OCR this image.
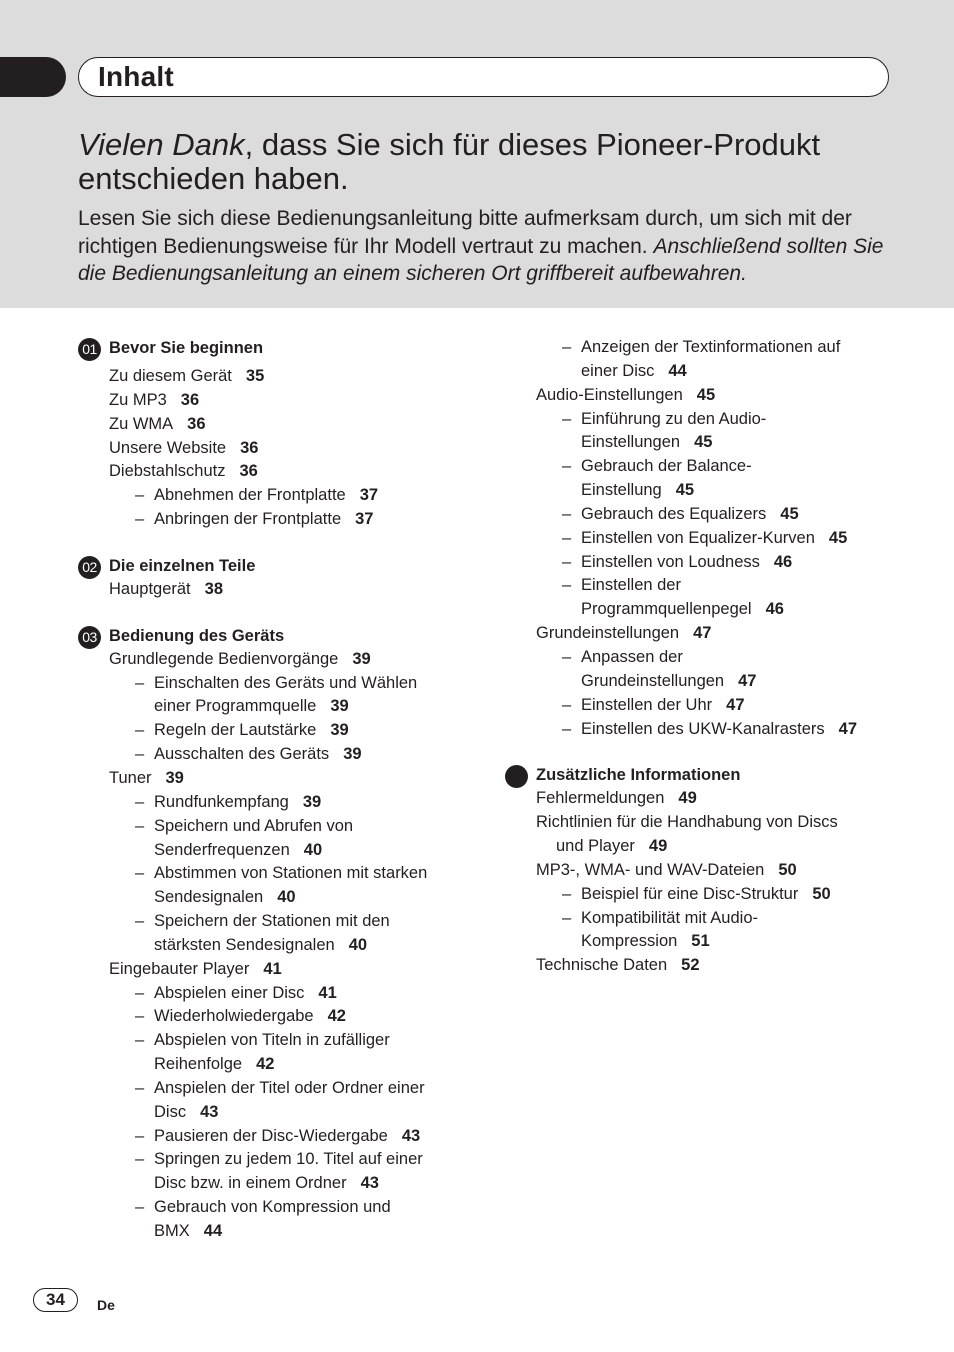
Inhalt
Vielen Dank, dass Sie sich für dieses Pioneer-Produkt
entschieden haben.
Lesen Sie sich diese Bedienungsanleitung bitte aufmerksam durch, um sich mit der richtigen Bedienungsweise für Ihr Modell vertraut zu machen. Anschließend sollten Sie die Bedienungsanleitung an einem sicheren Ort griffbereit aufbewahren.
01 Bevor Sie beginnen
Zu diesem Gerät 35
Zu MP3 36
Zu WMA 36
Unsere Website 36
Diebstahlschutz 36
– Abnehmen der Frontplatte 37
– Anbringen der Frontplatte 37
02 Die einzelnen Teile
Hauptgerät 38
03 Bedienung des Geräts
Grundlegende Bedienvorgänge 39
– Einschalten des Geräts und Wählen
einer Programmquelle 39
– Regeln der Lautstärke 39
– Ausschalten des Geräts 39
Tuner 39
– Rundfunkempfang 39
– Speichern und Abrufen von
Senderfrequenzen 40
– Abstimmen von Stationen mit starken
Sendesignalen 40
– Speichern der Stationen mit den
stärksten Sendesignalen 40
Eingebauter Player 41
– Abspielen einer Disc 41
– Wiederholwiedergabe 42
– Abspielen von Titeln in zufälliger
Reihenfolge 42
– Anspielen der Titel oder Ordner einer
Disc 43
– Pausieren der Disc-Wiedergabe 43
– Springen zu jedem 10. Titel auf einer
Disc bzw. in einem Ordner 43
– Gebrauch von Kompression und
BMX 44
– Anzeigen der Textinformationen auf
einer Disc 44
Audio-Einstellungen 45
– Einführung zu den Audio-
Einstellungen 45
– Gebrauch der Balance-
Einstellung 45
– Gebrauch des Equalizers 45
– Einstellen von Equalizer-Kurven 45
– Einstellen von Loudness 46
– Einstellen der
Programmquellenpegel 46
Grundeinstellungen 47
– Anpassen der
Grundeinstellungen 47
– Einstellen der Uhr 47
– Einstellen des UKW-Kanalrasters 47
Zusätzliche Informationen
Fehlermeldungen 49
Richtlinien für die Handhabung von Discs
und Player 49
MP3-, WMA- und WAV-Dateien 50
– Beispiel für eine Disc-Struktur 50
– Kompatibilität mit Audio-
Kompression 51
Technische Daten 52
34	De
